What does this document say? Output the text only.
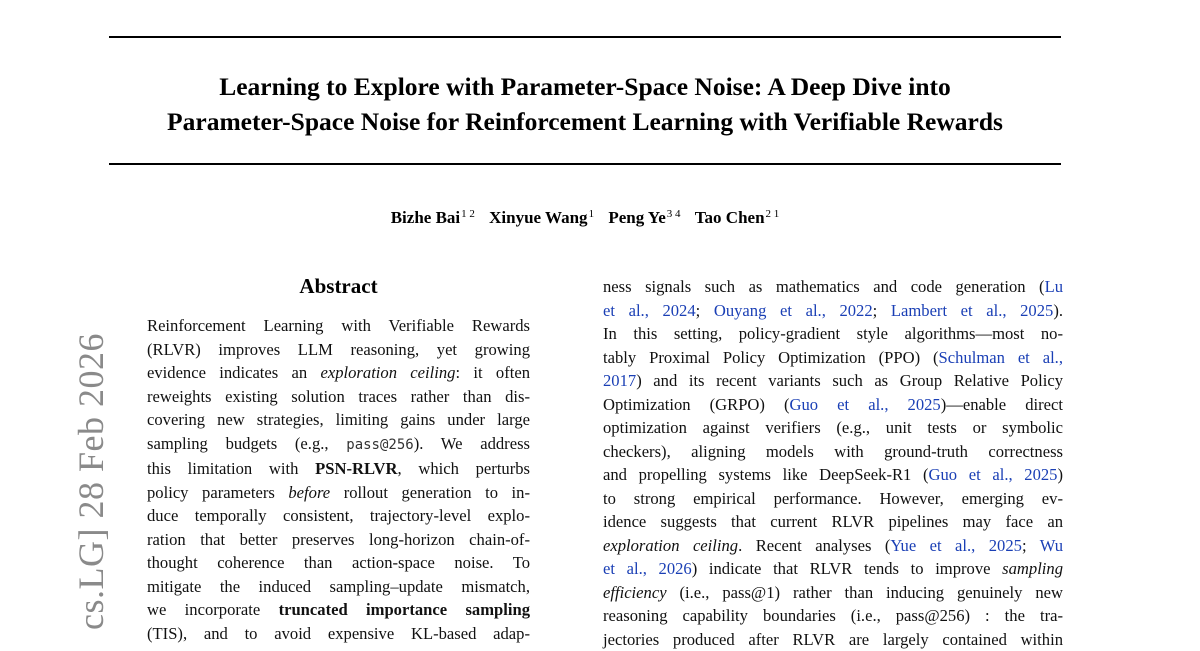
Learning to Explore with Parameter-Space Noise: A Deep Dive into
Parameter-Space Noise for Reinforcement Learning with Verifiable Rewards
Bizhe Bai$^{1 2}$ Xinyue Wang$^1$ Peng $Ye^{3 4}$ Tao Chen$^{2 1}$
cs.LG] 28 Feb 2026
Abstract
Reinforcement Learning with Verifiable Rewards
(RLVR) improves LLM reasoning, yet growing
evidence indicates an exploration ceiling: it often
reweights existing solution traces rather than dis-
covering new strategies, limiting gains under large
sampling budgets (e.g., pass@256). We address
this limitation with PSN-RLVR, which perturbs
policy parameters before rollout generation to in-
duce temporally consistent, trajectory-level explo-
ration that better preserves long-horizon chain-of-
thought coherence than action-space noise. To
mitigate the induced sampling–update mismatch,
we incorporate truncated importance sampling
(TIS), and to avoid expensive KL-based adap-
ness signals such as mathematics and code generation (Lu
et al., 2024; Ouyang et al., 2022; Lambert et al., 2025).
In this setting, policy-gradient style algorithms—most no-
tably Proximal Policy Optimization (PPO) (Schulman et al.,
2017) and its recent variants such as Group Relative Policy
Optimization (GRPO) (Guo et al., 2025)—enable direct
optimization against verifiers (e.g., unit tests or symbolic
checkers), aligning models with ground-truth correctness
and propelling systems like DeepSeek-R1 (Guo et al., 2025)
to strong empirical performance. However, emerging ev-
idence suggests that current RLVR pipelines may face an
exploration ceiling. Recent analyses (Yue et al., 2025; Wu
et al., 2026) indicate that RLVR tends to improve sampling
efficiency (i.e., pass@1) rather than inducing genuinely new
reasoning capability boundaries (i.e., pass@256) : the tra-
jectories produced after RLVR are largely contained within
